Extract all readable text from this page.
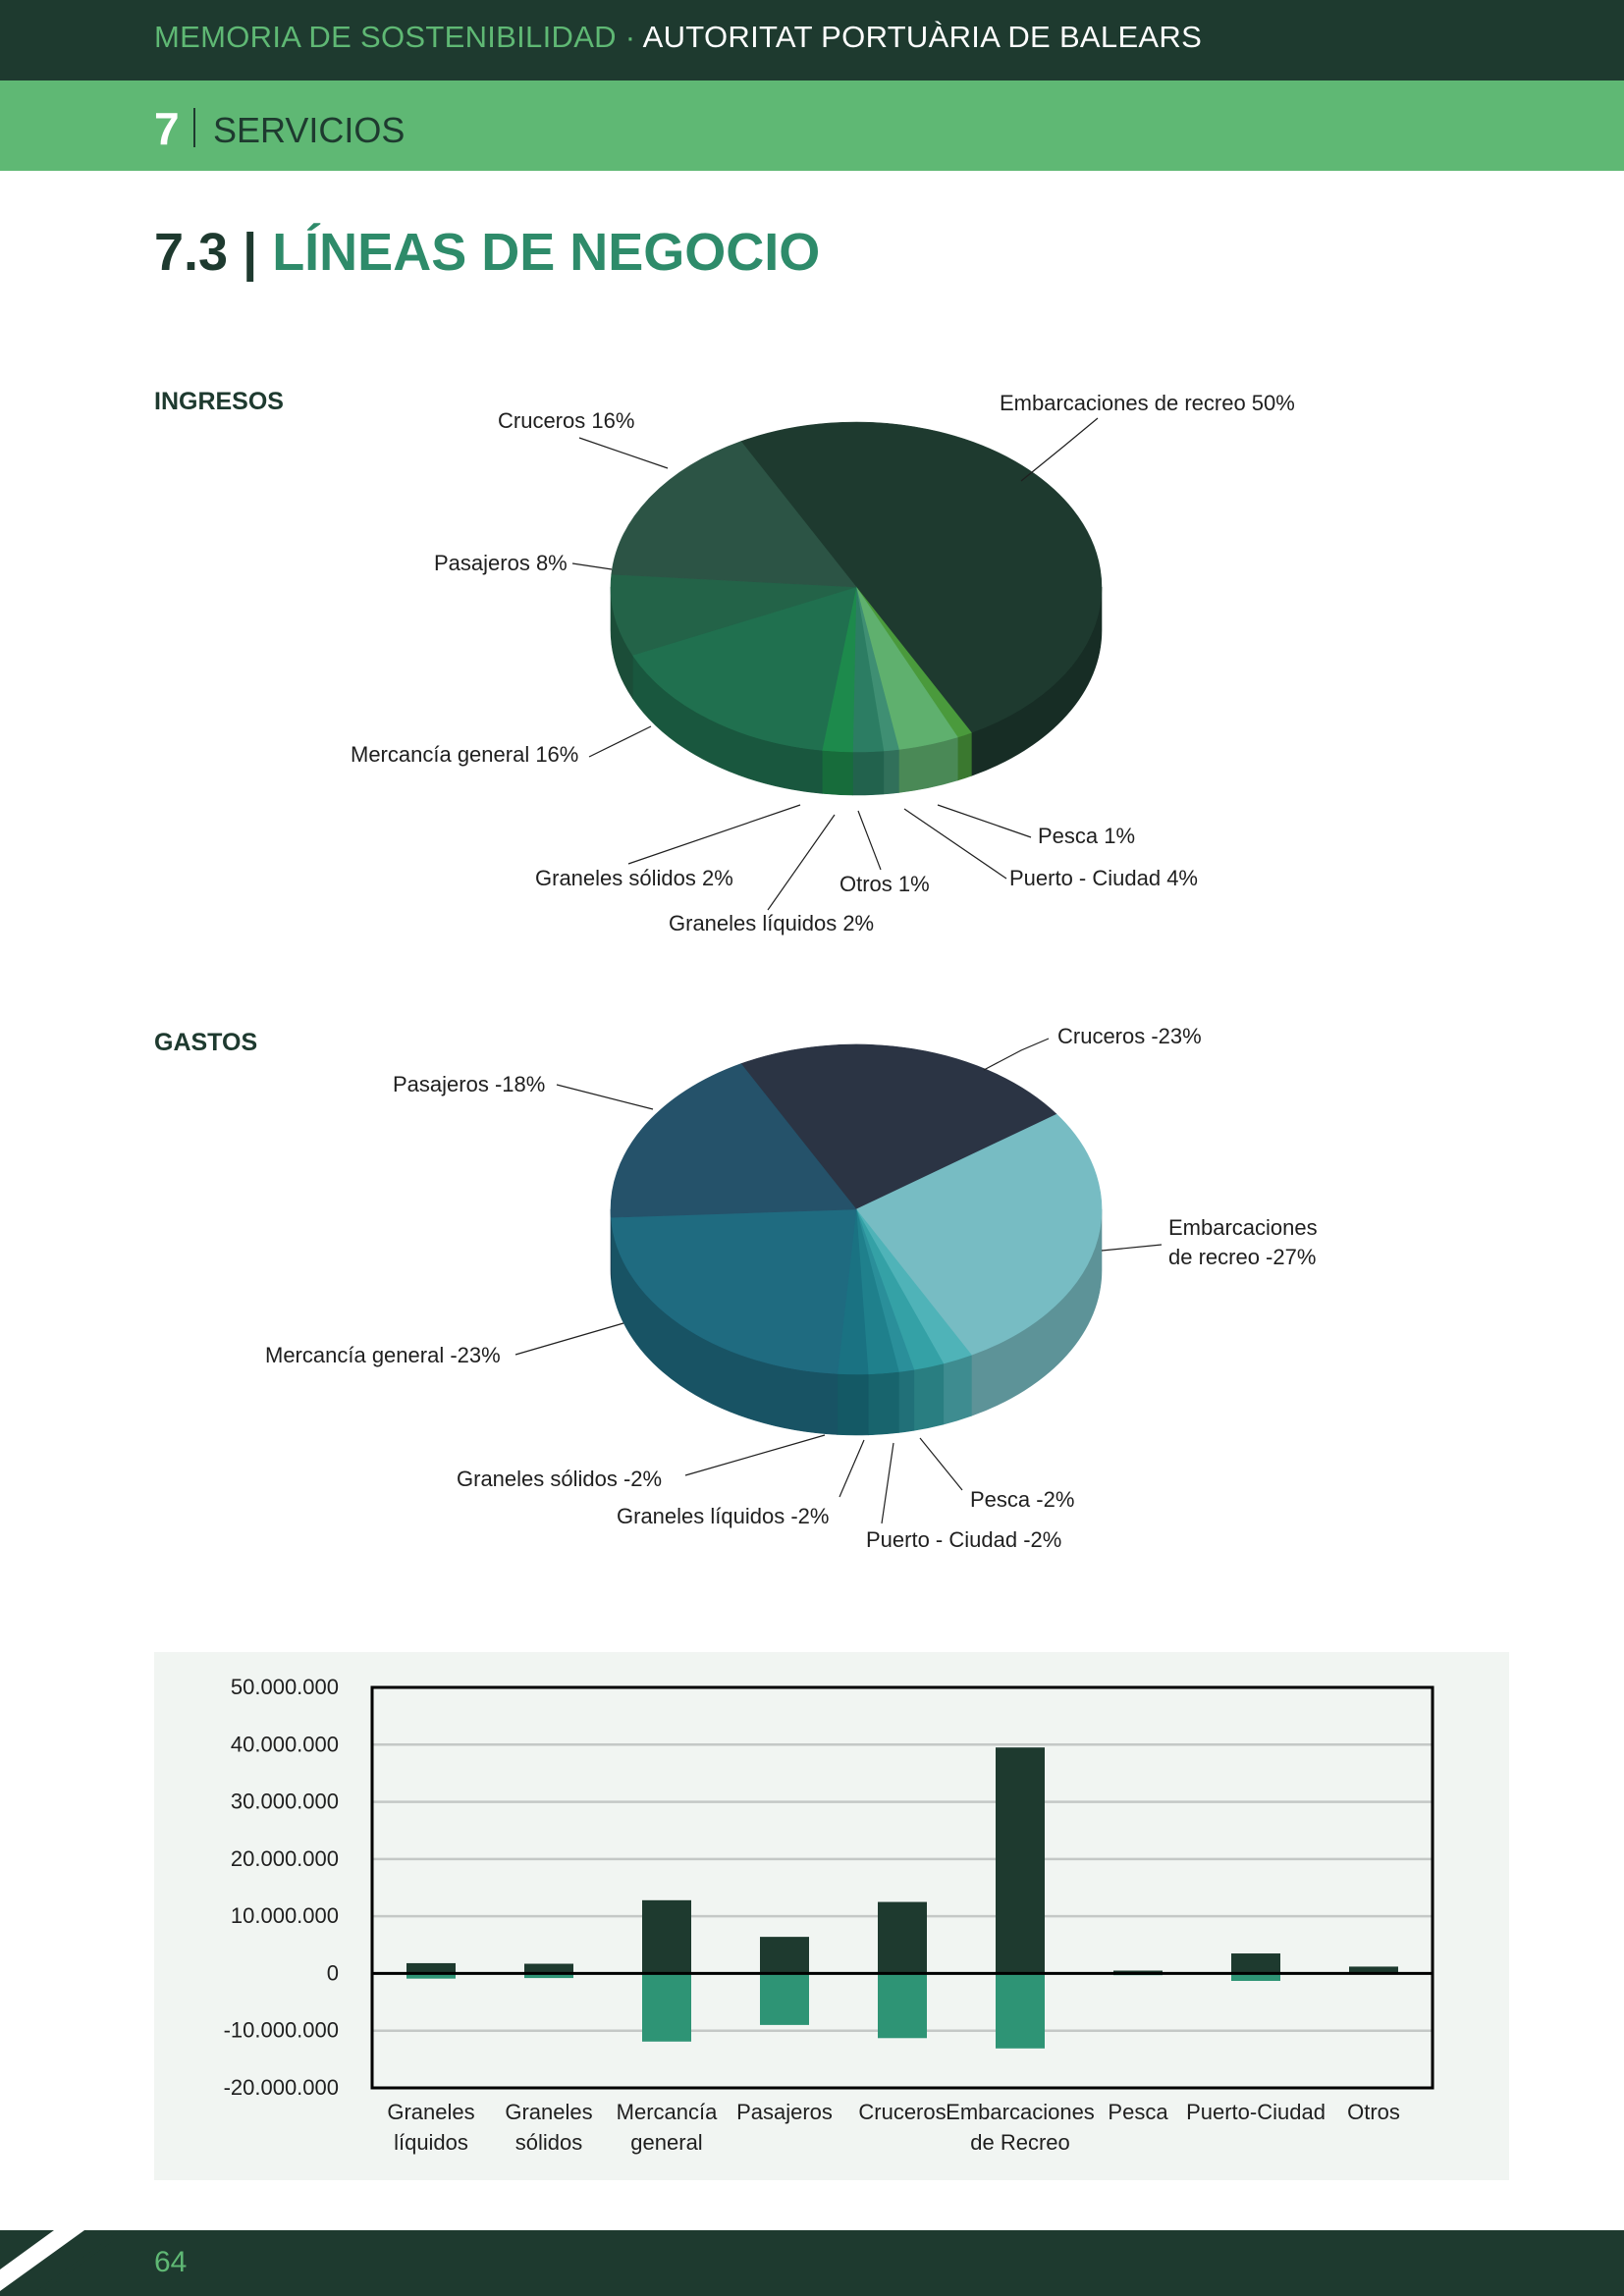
MEMORIA DE SOSTENIBILIDAD · AUTORITAT PORTUÀRIA DE BALEARS
7 SERVICIOS
7.3 | LÍNEAS DE NEGOCIO
INGRESOS
GASTOS
Embarcaciones de recreo 50%
Cruceros 16%
Pasajeros 8%
Mercancía general 16%
Graneles sólidos 2%
Graneles líquidos 2%
Otros 1%	Puerto - Ciudad 4%
Pesca 1%
Cruceros -23%
Embarcaciones
de recreo -27%
Pesca -2%
Puerto - Ciudad -2%
Graneles líquidos -2%
Graneles sólidos -2%
Mercancía general -23%
Pasajeros -18%
50.000.000
40.000.000
30.000.000
20.000.000
10.000.000
0
-10.000.000
-20.000.000
Graneles
líquidos
Graneles
sólidos
Mercancía
general
Pasajeros Cruceros Embarcaciones
de Recreo
Pesca Puerto-Ciudad Otros
64
